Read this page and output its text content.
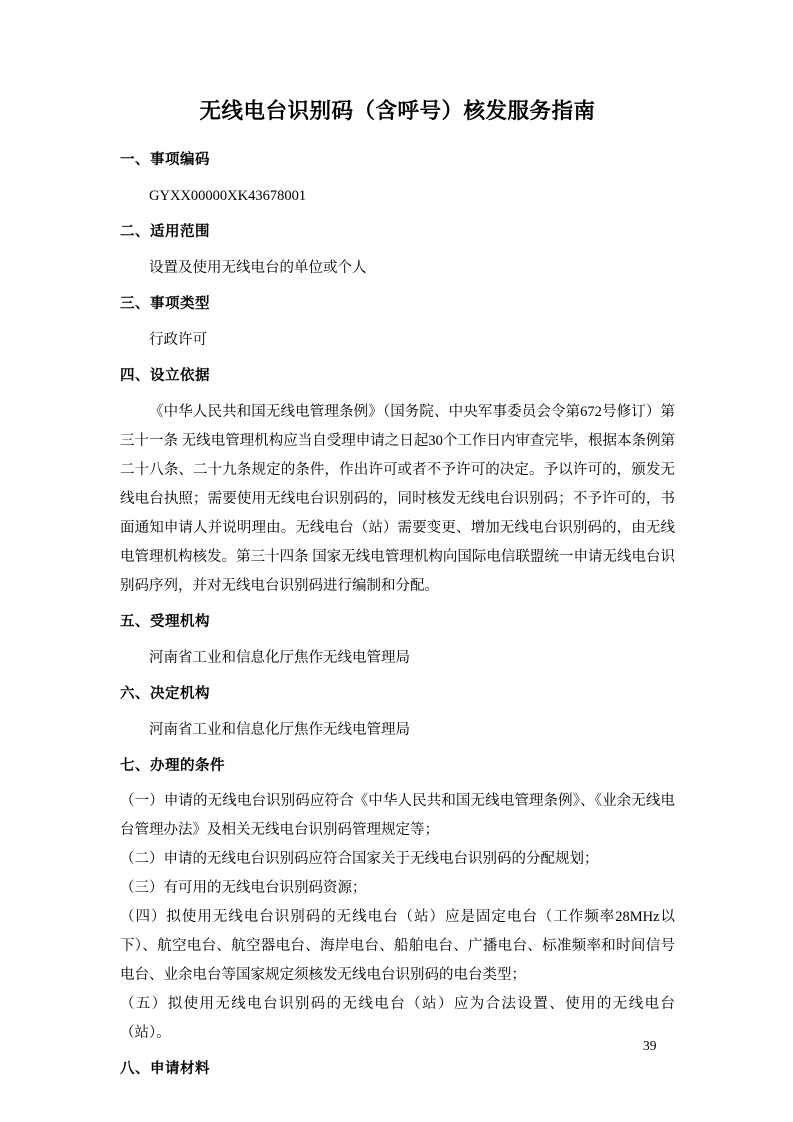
无线电台识别码（含呼号）核发服务指南
一、事项编码

GYXX00000XK43678001

二、适用范围

设置及使用无线电台的单位或个人

三、事项类型

行政许可

四、设立依据

《中华人民共和国无线电管理条例》（国务院、中央军事委员会令第672号修订）第三十一条 无线电管理机构应当自受理申请之日起30个工作日内审查完毕，根据本条例第二十八条、二十九条规定的条件，作出许可或者不予许可的决定。予以许可的，颁发无线电台执照；需要使用无线电台识别码的，同时核发无线电台识别码；不予许可的，书面通知申请人并说明理由。无线电台（站）需要变更、增加无线电台识别码的，由无线电管理机构核发。第三十四条 国家无线电管理机构向国际电信联盟统一申请无线电台识别码序列，并对无线电台识别码进行编制和分配。

五、受理机构

河南省工业和信息化厅焦作无线电管理局

六、决定机构

河南省工业和信息化厅焦作无线电管理局

七、办理的条件

（一）申请的无线电台识别码应符合《中华人民共和国无线电管理条例》、《业余无线电台管理办法》及相关无线电台识别码管理规定等；

（二）申请的无线电台识别码应符合国家关于无线电台识别码的分配规划；

（三）有可用的无线电台识别码资源；

（四）拟使用无线电台识别码的无线电台（站）应是固定电台（工作频率28MHz以下）、航空电台、航空器电台、海岸电台、船舶电台、广播电台、标准频率和时间信号电台、业余电台等国家规定须核发无线电台识别码的电台类型；

（五）拟使用无线电台识别码的无线电台（站）应为合法设置、使用的无线电台（站）。

八、申请材料
39
